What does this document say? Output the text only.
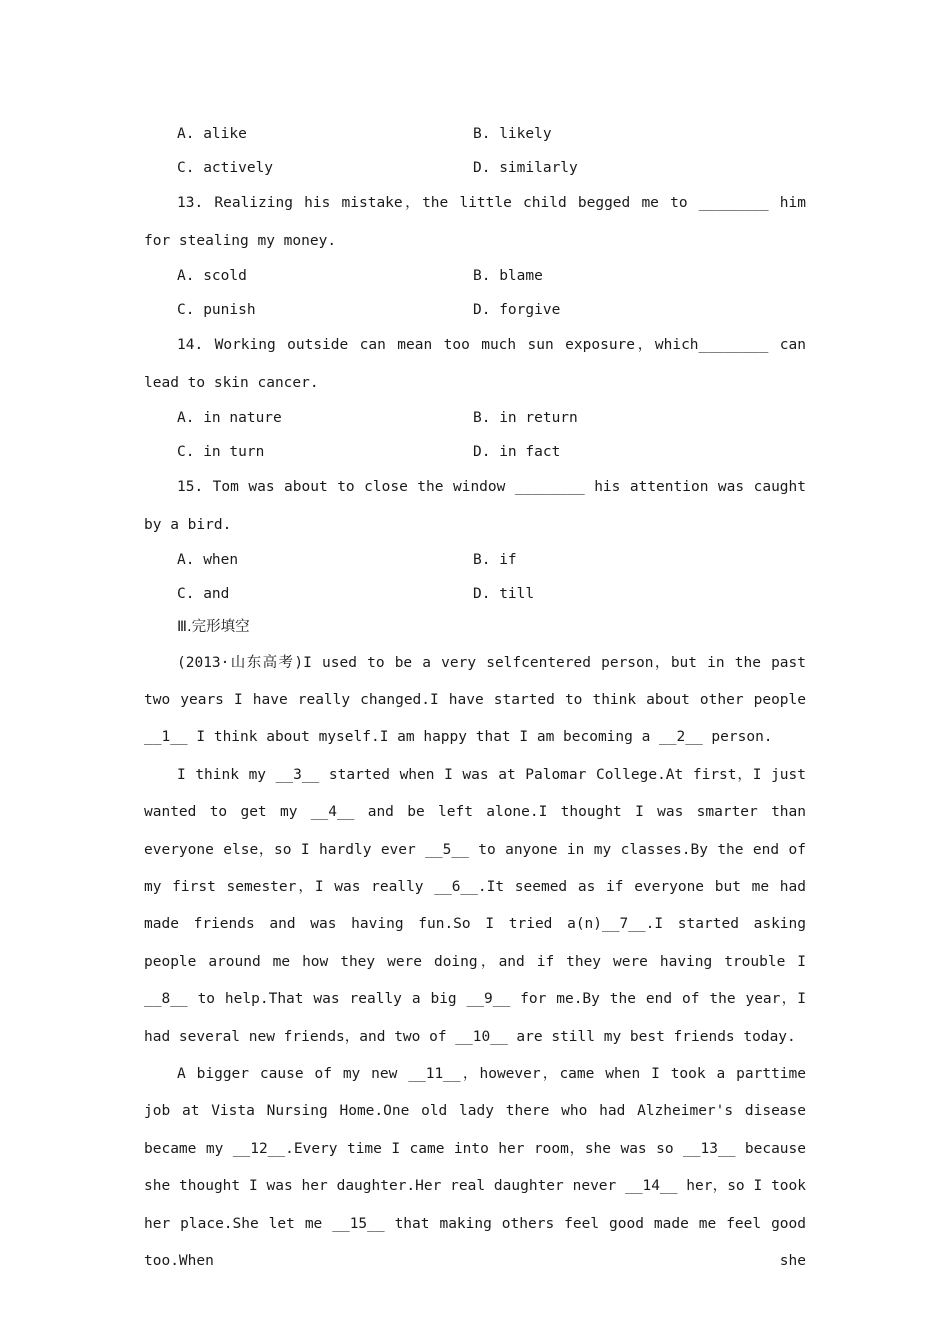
A. alike	B. likely
C. actively	D. similarly

13. Realizing his mistake，the little child begged me to ________ him for stealing my money.

A. scold	B. blame
C. punish	D. forgive

14. Working outside can mean too much sun exposure，which________ can lead to skin cancer.

A. in nature	B. in return
C. in turn	D. in fact

15. Tom was about to close the window ________ his attention was caught by a bird.

A. when	B. if
C. and	D. till
Ⅲ.完形填空

(2013·山东高考)I used to be a very selfcentered person，but in the past two years I have really changed.I have started to think about other people __1__ I think about myself.I am happy that I am becoming a __2__ person.

I think my __3__ started when I was at Palomar College.At first，I just wanted to get my __4__ and be left alone.I thought I was smarter than everyone else，so I hardly ever __5__ to anyone in my classes.By the end of my first semester，I was really __6__.It seemed as if everyone but me had made friends and was having fun.So I tried a(n)__7__.I started asking people around me how they were doing，and if they were having trouble I __8__ to help.That was really a big __9__ for me.By the end of the year，I had several new friends，and two of __10__ are still my best friends today.

A bigger cause of my new __11__，however，came when I took a parttime job at Vista Nursing Home.One old lady there who had Alzheimer's disease became my __12__.Every time I came into her room，she was so __13__ because she thought I was her daughter.Her real daughter never __14__ her，so I took her place.She let me __15__ that making others feel good made me feel good too.When she
